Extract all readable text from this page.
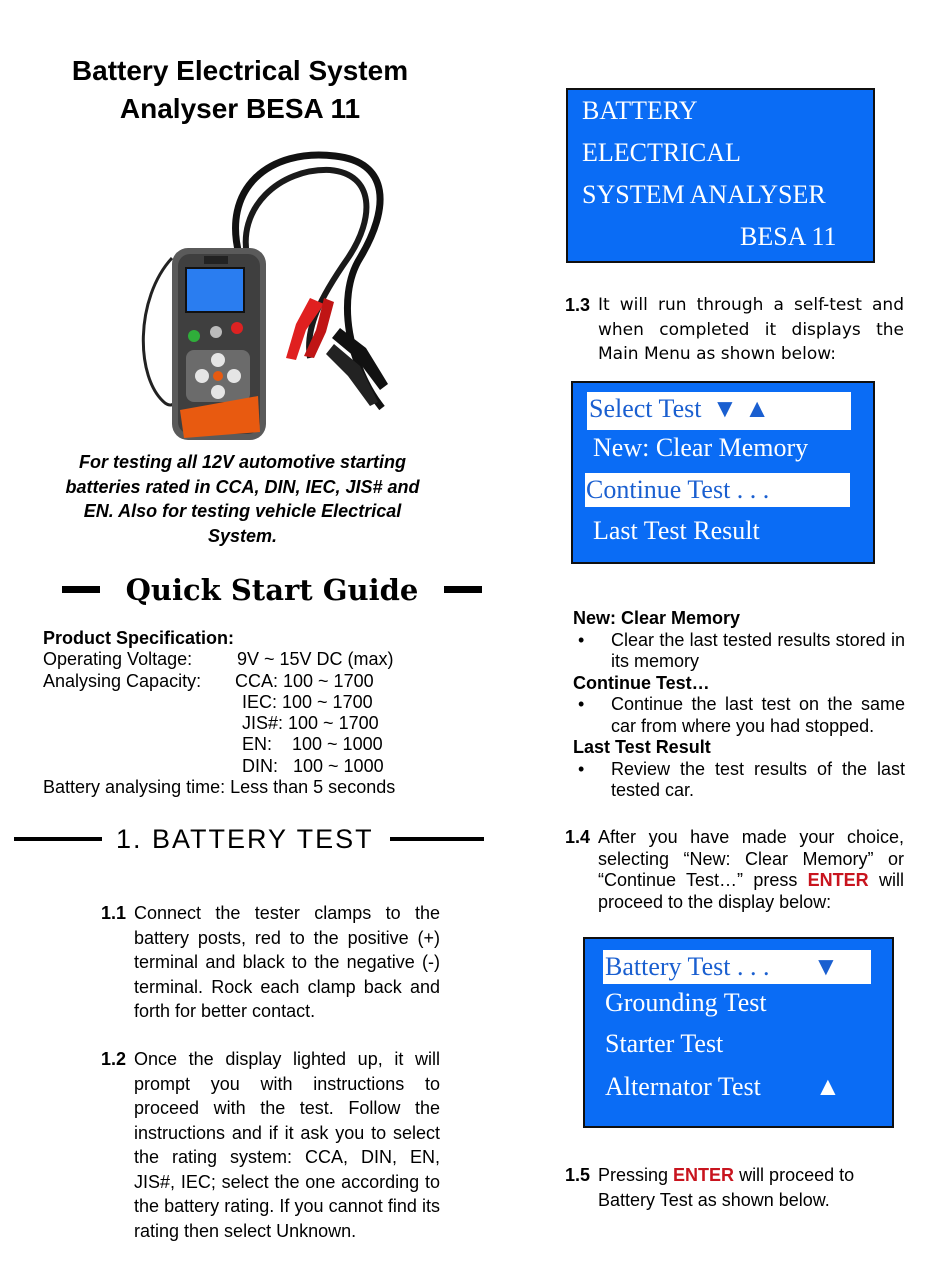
Battery Electrical System
Analyser BESA 11
For testing all 12V automotive starting batteries rated in CCA, DIN, IEC, JIS# and EN. Also for testing vehicle Electrical System.
Quick Start Guide
Product Specification:
Operating Voltage: 9V ~ 15V DC (max)
Analysing Capacity: CCA: 100 ~ 1700
IEC: 100 ~ 1700
JIS#: 100 ~ 1700
EN:    100 ~ 1000
DIN:   100 ~ 1000
Battery analysing time: Less than 5 seconds
1. BATTERY TEST
1.1 Connect the tester clamps to the battery posts, red to the positive (+) terminal and black to the negative (-) terminal. Rock each clamp back and forth for better contact.
1.2 Once the display lighted up, it will prompt you with instructions to proceed with the test. Follow the instructions and if it ask you to select the rating system: CCA, DIN, EN, JIS#, IEC; select the one according to the battery rating. If you cannot find its rating then select Unknown.
BATTERY
ELECTRICAL
SYSTEM ANALYSER
BESA 11
1.3 It will run through a self-test and when completed it displays the Main Menu as shown below:
Select Test ▼ ▲
New: Clear Memory
Continue Test . . .
Last Test Result
New: Clear Memory
• Clear the last tested results stored in its memory
Continue Test…
• Continue the last test on the same car from where you had stopped.
Last Test Result
• Review the test results of the last tested car.
1.4 After you have made your choice, selecting “New: Clear Memory” or “Continue Test…” press ENTER will proceed to the display below:
Battery Test . . . ▼
Grounding Test
Starter Test
Alternator Test ▲
1.5 Pressing ENTER will proceed to Battery Test as shown below.
